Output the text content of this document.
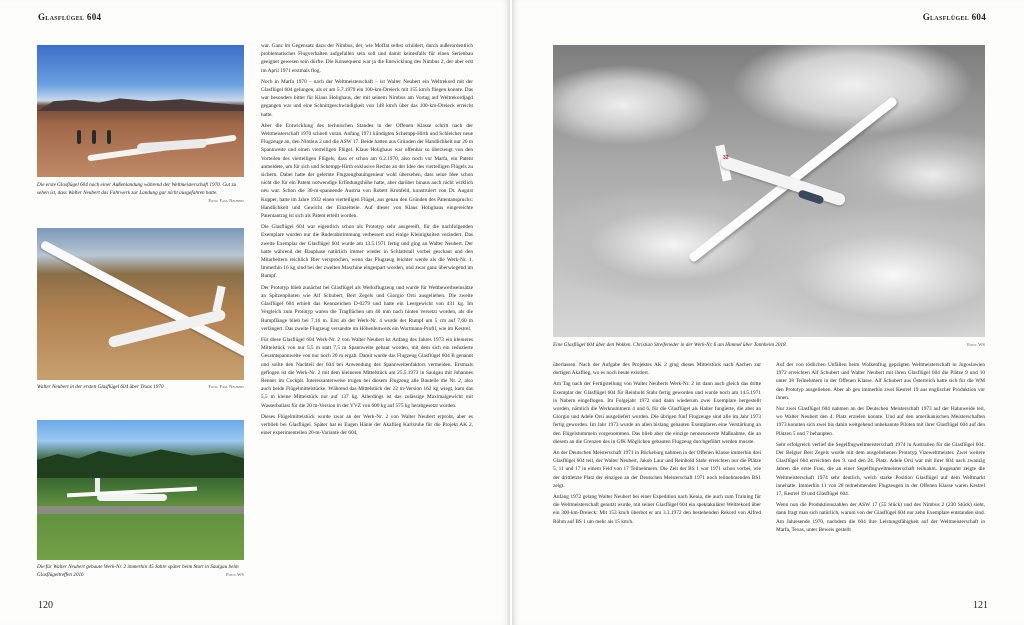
Glasflügel 604
Die erste Glasflügel 604 nach einer Außenlandung während der Weltmeisterschaft 1970. Gut zu sehen ist, dass Walter Neubert das Fahrwerk zur Landung gar nicht ausgefahren hatte.
Foto: Fam. Neubert
Walter Neubert in der ersten Glasflügel 604 über Texas 1970	Foto: Fam. Neubert
Die für Walter Neubert gebaute Werk-Nr. 2 immerhin 45 Jahre später beim Start in Saulgau beim Glasflügeltreffen 2016	Foto: WS

war. Ganz im Gegensatz dazu der Nimbus, der, wie Moffat selbst schildert, durch außerordentlich problematisches Flugverhalten aufgefallen sein soll und damit keinesfalls für einen Serienbau geeignet gewesen sein dürfte. Die Konsequenz war ja die Entwicklung des Nimbus 2, der aber erst im April 1971 erstmals flog.

Noch in Marfa 1970 – nach der Weltmeisterschaft – ist Walter Neubert ein Weltrekord mit der Glasflügel 604 gelungen, als er am 5.7.1970 ein 100-km-Dreieck mit 155 km/h fliegen konnte. Das war besonders bitter für Klaus Holighaus, der mit seinem Nimbus am Vortag auf Weltrekordjagd gegangen war und eine Schnittgeschwindigkeit von 148 km/h über das 100-km-Dreieck erreicht hatte.

Aber die Entwicklung des technischen Standes in der Offenen Klasse schritt nach der Weltmeisterschaft 1970 schnell voran. Anfang 1971 kündigten Schempp-Hirth und Schleicher neue Flugzeuge an, den Nimbus 2 und die ASW 17. Beide hatten aus Gründen der Handlichkeit nur 20 m Spannweite und einen viertelligen Flügel. Klaus Holighaus war offenbar so überzeugt von den Vorteilen des viertelligen Flügels, dass er schon am 6.2.1970, also noch vor Marfa, ein Patent anmeldete, um für sich und Schempp-Hirth exklusive Rechte an der Idee des viertelligen Flügels zu sichern. Dabei hatte der gelernte Flugzeugbauingenieur wohl übersehen, dass seine Idee schon nicht die für ein Patent notwendige Erfindungshöhe hatte, aber darüber hinaus auch nicht wirklich neu war. Schon die 30-m-spannende Austria von Robert Kronfeld, konstruiert von Dr. August Kupper, hatte im Jahre 1932 einen vierteiligen Flügel, aus genau den Gründen des Patentanspruchs: Handlichkeit und Gewicht der Einzelteile. Auf dieser von Klaus Holighaus eingereichte Patentantrag ist sich als Patent erteilt worden.

Die Glasflügel 604 war eigentlich schon als Prototyp sehr ausgereift, für die nachfolgenden Exemplare wurden nur die Ruderabstimmung verbessert und einige Kleinigkeiten verändert. Das zweite Exemplar der Glasflügel 604 wurde am 13.5.1971 fertig und ging an Walter Neubert. Der hatte während der Bauphase natürlich immer wieder in Schlattstall vorbei geschaut und den Mitarbeitern reichlich Bier versprochen, wenn das Flugzeug leichter werde als die Werk-Nr. 1. Immerhin 16 kg sind bei der zweiten Maschine eingespart worden, und zwar ganz überwiegend im Rumpf.

Der Prototyp blieb zunächst bei Glasflügel als Werksflugzeug und wurde für Wettbewerbseinsätze an Spitzenpiloten wie Alf Schubert, Bert Zegels und Giorgio Orsi ausgeliehen. Die zweite Glasflügel 604 erhielt das Kennzeichen D-0279 und hatte ein Leergewicht von 431 kg. Im Vergleich zum Prototyp waren die Tragflächen um 40 mm nach hinten versetzt worden, als die Rumpflänge blieb bei 7,16 m. Erst ab der Werk-Nr. 4 wurde der Rumpf um 5 cm auf 7,60 m verlängert. Das zweite Flugzeug versandte im Höhenleitwerk ein Wortmann-Profil, wie im Kestrel.

Für diese Glasflügel 604 Werk-Nr. 2 von Walter Neubert ist Anfang des Jahres 1973 ein kleineres Mittelstück von nur 5,5 m statt 7,5 m Spannweite gebaut worden, mit dem sich ein reduzierte Gesamtspannweite von nur noch 20 m ergab. Damit wurde das Flugzeug Glasflügel 604 B genannt und sollte den Nachteil der 604 bei Anwendung des Spannweitenfaktors vermeiden. Erstmals geflogen ist die Werk-Nr. 2 mit dem kleineren Mittelstück am 25.5.1973 in Saulgau mit Johannes Renner im Cockpit. Interessanterweise trugen bei diesem Flugzeug alle Bauteile die Nr. 2, also auch beide Flügelmittelstücke. Während das Mittelstück der 22 m-Version 162 kg wiegt, kam das 5,5 m kleine Mittelstück nur auf 137 kg. Allerdings ist das zulässige Maximalgewicht mit Wasserballast für die 20 m-Version in der VVZ von 600 kg auf 575 kg herabgesetzt worden.

Dieses Flügelmittelstück wurde zwar an der Werk-Nr. 2 von Walter Neubert erprobt, aber es verblieb bei Glasflügel. Später hat es Eugen Hänle der Akaflieg Karlsruhe für die Projekt AK 2, einer experimentellen 20-m-Variante der 604,

120
Glasflügel 604
121
32
Eine Glasflügel 604 über den Wolken. Christian Streifeneder in der Werk-Nr. 6 am Himmel über Tannheim 2018.	Foto: WS

überlassen. Nach der Aufgabe des Projektes AK 2 ging dieses Mittelstück nach Aachen zur dortigen Akaflieg, wo es noch heute existiert.

Am Tag nach der Fertigstellung von Walter Neuberts Werk-Nr. 2 ist dann auch gleich das dritte Exemplar der Glasflügel 604 für Reinhold Stahr fertig geworden und wurde noch am 14.5.1971 in Nabern eingeflogen. Im Folgejahr 1972 sind dann wiederum zwei Exemplare hergestellt worden, nämlich die Werknummern 4 und 6, für die Glasflügel als Halter fungierte, die aber an Giorgio und Adele Orsi ausgeliefert wurden. Die übrigen fünf Flugzeuge sind alle im Jahr 1973 fertig geworden. Im Jahr 1973 wurde an allen bislang gebauten Exemplaren eine Verstärkung an den Flügelstummeln vorgenommen. Das blieb aber die einzige nennenswerte Maßnahme, die an diesem an die Grenzen des in GfK Möglichen gebauten Flugzeug durchgeführt werden musste.

An der Deutschen Meisterschaft 1971 in Bückeburg nahmen in der Offenen Klasse immerhin drei Glasflügel 604 teil, der Walter Neubert, Jakob Laur und Reinhold Stahr erreichten nur die Plätze 5, 11 und 17 in einem Feld von 17 Teilnehmern. Die Zeit der BS 1 war 1971 schon vorbei, wie der drittletzte Platz der einzigen an der Deutschen Meisterschaft 1971 noch teilnehmenden BS1 zeigt.

Anfang 1972 gelang Walter Neubert bei einer Expedition nach Kenia, die auch zum Training für die Weltmeisterschaft genutzt wurde, mit seiner Glasflügel 604 ein spektakulärer Weltrekord über ein 300-km-Dreieck: Mit 153 km/h überbot er am 3.3.1972 den bestehenden Rekord von Alfred Röhm auf BS 1 um mehr als 15 km/h.

Auf der von tödlichen Unfällen beim Wolkenflug geprägten Weltmeisterschaft in Jugoslawien 1972 erreichten Alf Schubert und Walter Neubert mit ihren Glasflügel 604 die Plätze 9 und 10 unter 38 Teilnehmern in der Offenen Klasse. Alf Schubert aus Österreich hatte sich für die WM den Prototyp ausgeliehen. Aber ab gen immerhin zwei Kestrel 19 aus englischer Produktion vor ihnen.

Nur zwei Glasflügel 604 nahmen an der Deutschen Meisterschaft 1973 auf der Hahnweide teil, wo Walter Neubert den 4. Platz erzielen konnte. Und auf den amerikanischen Meisterschaften 1973 konnten sich zwei bis dahin weitgehend unbekannte Piloten mit ihrer Glasflügel 604 auf den Plätzen 5 und 7 behaupten.

Sehr erfolgreich verlief die Segelflugweltmeisterschaft 1974 in Australien für die Glasflügel 604. Der Belgier Bert Zegels wurde mit dem ausgeliehenen Prototyp Vizeweltmeister. Zwei weitere Glasflügel 604 erreichten den 9. und den 24. Platz. Adele Orsi war mit ihrer 604 nach zwanzig Jahren die erste Frau, die an einer Segelflugweltmeisterschaft teilnahm. Insgesamt zeigte die Weltmeisterschaft 1974 sehr deutlich, welch starke Position Glasflügel auf dem Weltmarkt innehatte. Immerhin 11 von 28 teilnehmenden Flugzeugen in der Offenen Klasse waren Kestrel 17, Kestrel 19 und Glasflügel 604.

Wenn nun die Produktionszahlen der ASW 17 (55 Stück) und des Nimbus 2 (230 Stück) sieht, dann fragt man sich natürlich, warum von der Glasflügel 604 nur zehn Exemplare entstanden sind. Am Jahresende 1970, nachdem die 604 ihre Leistungsfähigkeit auf der Weltmeisterschaft in Marfa, Texas, unter Beweis gestellt
